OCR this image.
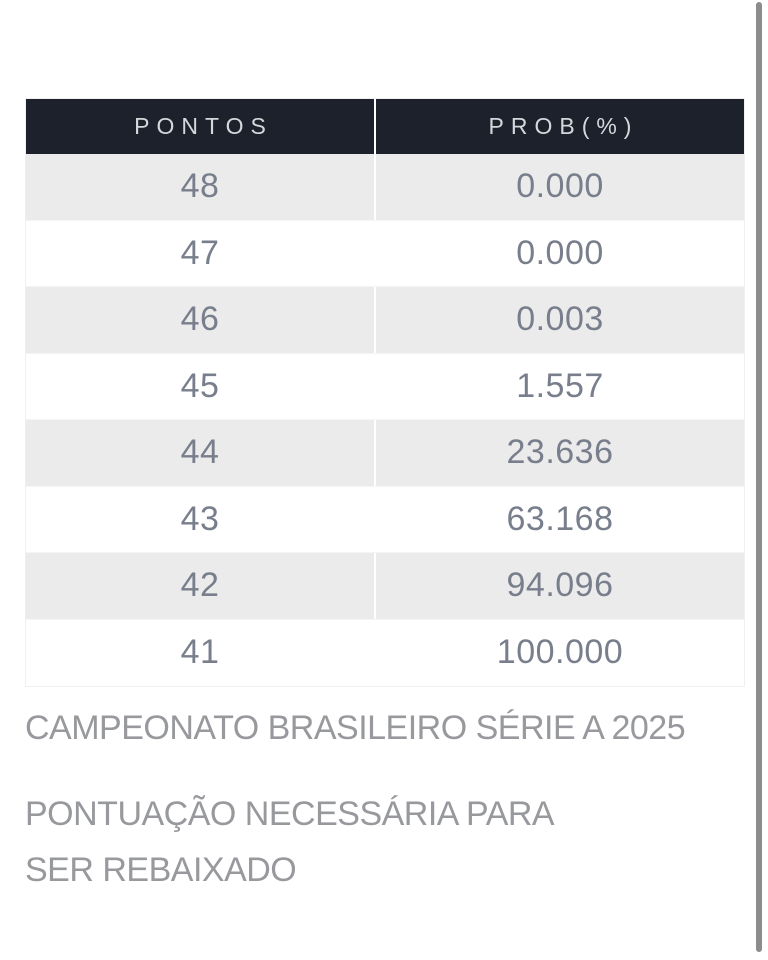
PONTOS	PROB(%)
48	0.000
47	0.000
46	0.003
45	1.557
44	23.636
43	63.168
42	94.096
41	100.000
CAMPEONATO BRASILEIRO SÉRIE A 2025
PONTUAÇÃO NECESSÁRIA PARA SER REBAIXADO
